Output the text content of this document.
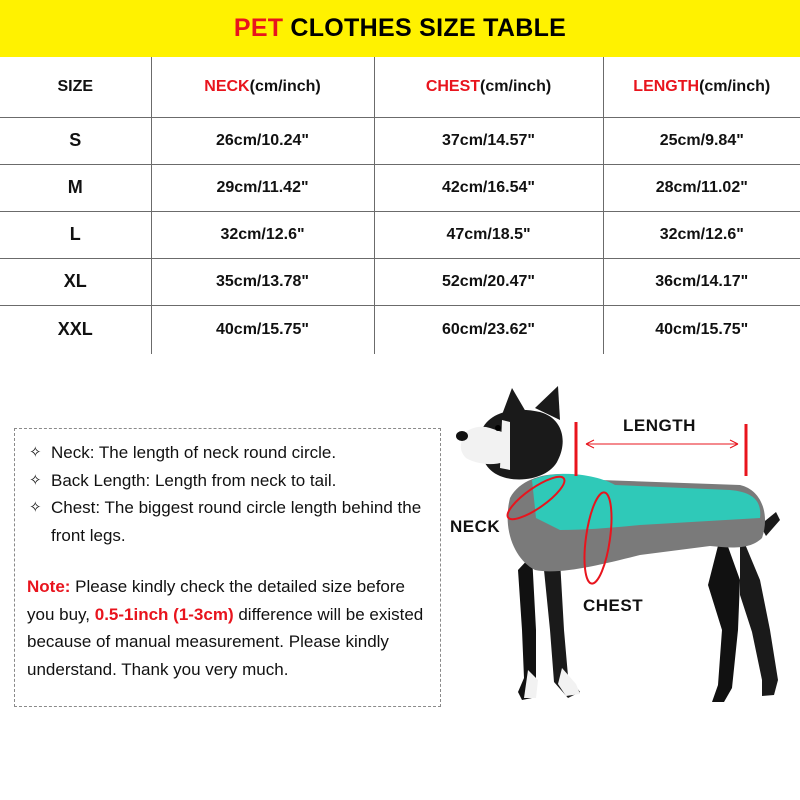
PET CLOTHES SIZE TABLE
SIZE	NECK(cm/inch)	CHEST(cm/inch)	LENGTH(cm/inch)
S	26cm/10.24"	37cm/14.57"	25cm/9.84"
M	29cm/11.42"	42cm/16.54"	28cm/11.02"
L	32cm/12.6"	47cm/18.5"	32cm/12.6"
XL	35cm/13.78"	52cm/20.47"	36cm/14.17"
XXL	40cm/15.75"	60cm/23.62"	40cm/15.75"
✧ Neck: The length of neck round circle.
✧ Back Length: Length from neck to tail.
✧ Chest: The biggest round circle length behind the front legs.

Note: Please kindly check the detailed size before you buy, 0.5-1inch (1-3cm) difference will be existed because of manual measurement. Please kindly understand. Thank you very much.

LENGTH
NECK
CHEST
